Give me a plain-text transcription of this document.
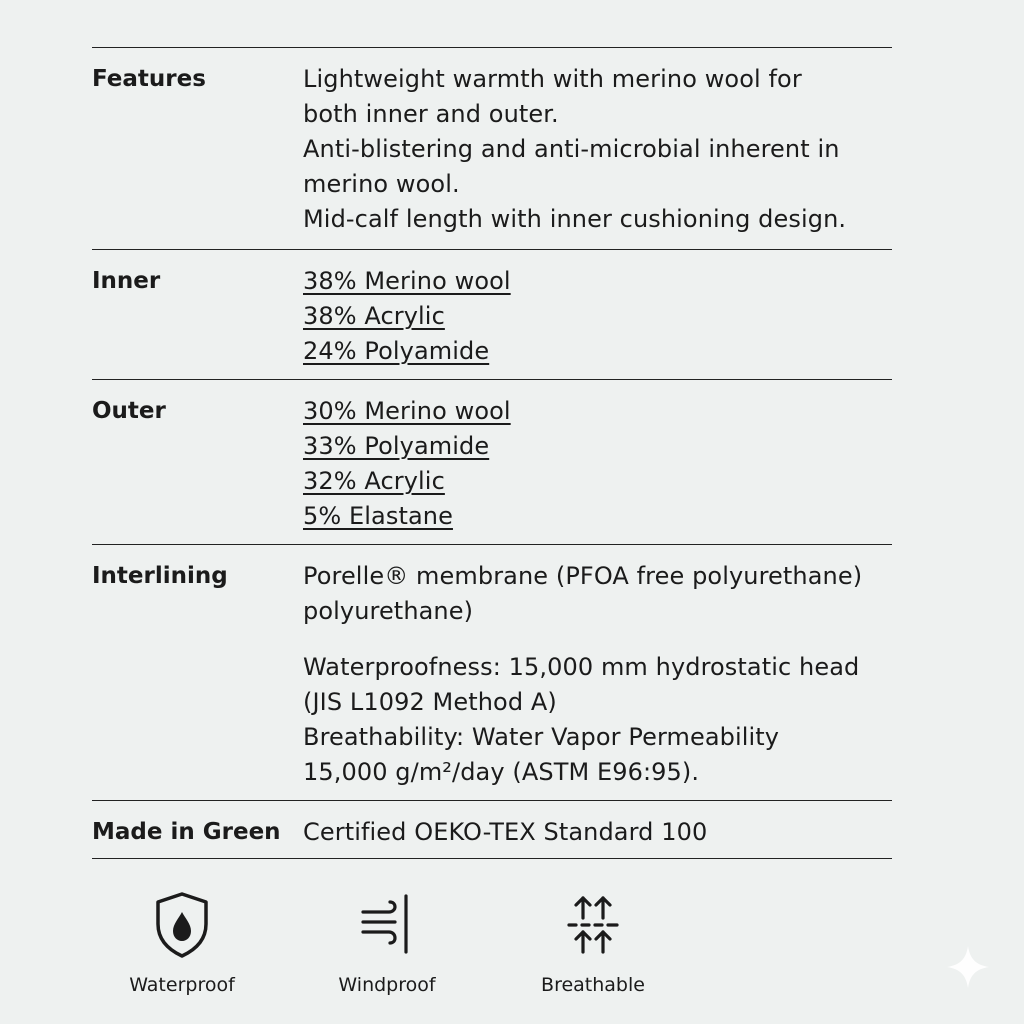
Features	Lightweight warmth with merino wool for
both inner and outer.
Anti-blistering and anti-microbial inherent in
merino wool.
Mid-calf length with inner cushioning design.
Inner	38% Merino wool
38% Acrylic
24% Polyamide
Outer	30% Merino wool
33% Polyamide
32% Acrylic
5% Elastane
Interlining	Porelle® membrane (PFOA free polyurethane)
polyurethane)
Waterproofness: 15,000 mm hydrostatic head
(JIS L1092 Method A)
Breathability: Water Vapor Permeability
15,000 g/m²/day (ASTM E96:95).
Made in Green Certified OEKO-TEX Standard 100
Waterproof	Windproof	Breathable
